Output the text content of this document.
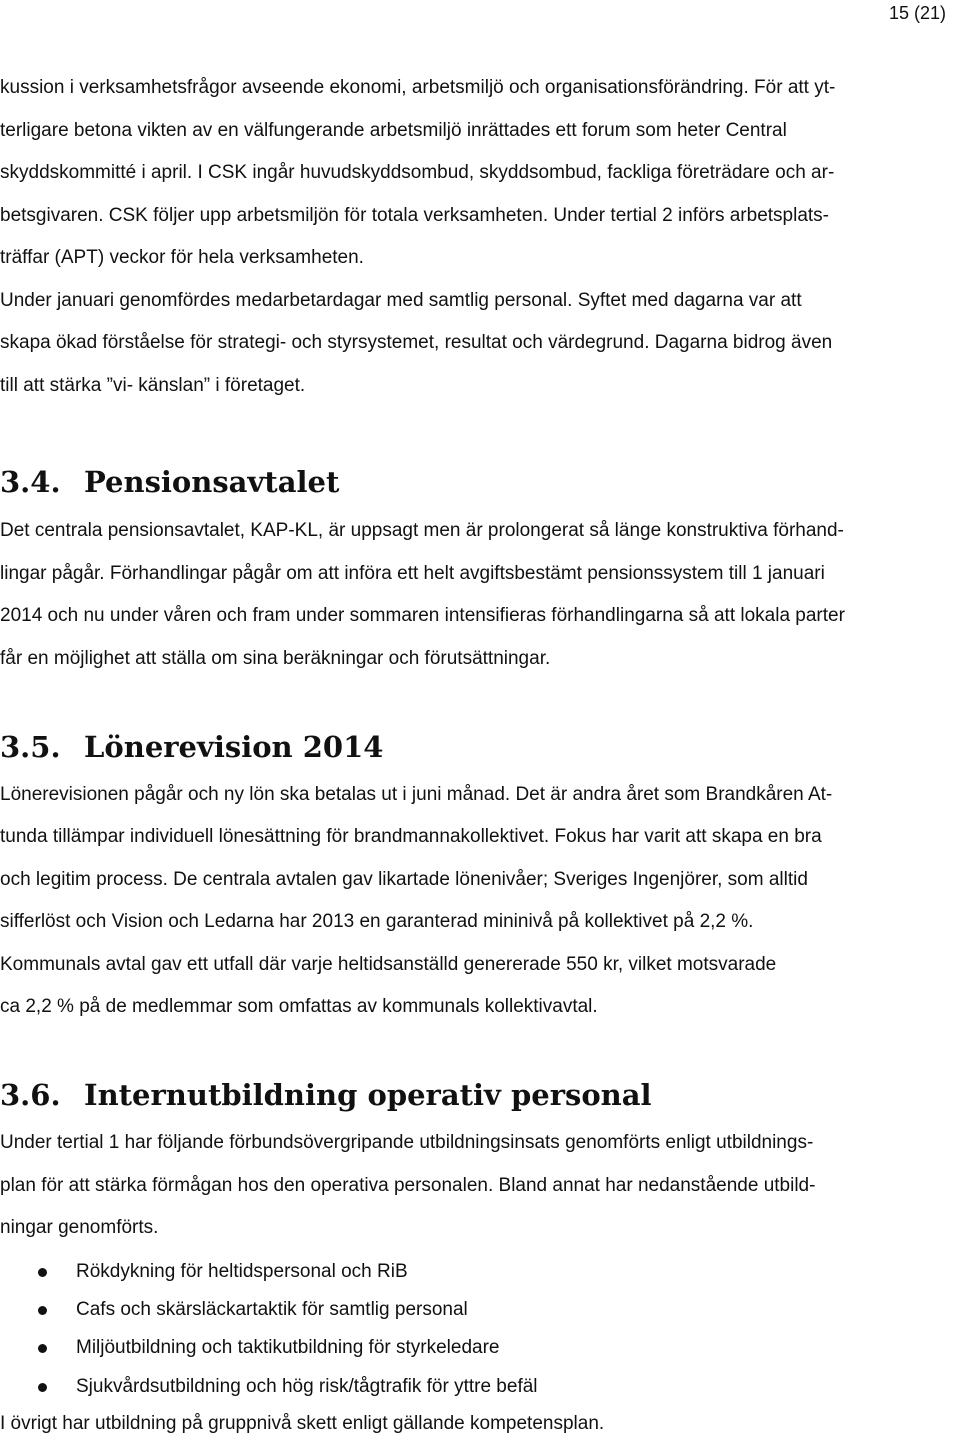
15 (21)
kussion i verksamhetsfrågor avseende ekonomi, arbetsmiljö och organisationsförändring. För att yt-
terligare betona vikten av en välfungerande arbetsmiljö inrättades ett forum som heter Central
skyddskommitté i april. I CSK ingår huvudskyddsombud, skyddsombud, fackliga företrädare och ar-
betsgivaren. CSK följer upp arbetsmiljön för totala verksamheten. Under tertial 2 införs arbetsplats-
träffar (APT) veckor för hela verksamheten.
Under januari genomfördes medarbetardagar med samtlig personal. Syftet med dagarna var att
skapa ökad förståelse för strategi- och styrsystemet, resultat och värdegrund. Dagarna bidrog även
till att stärka ”vi- känslan” i företaget.
3.4. Pensionsavtalet
Det centrala pensionsavtalet, KAP-KL, är uppsagt men är prolongerat så länge konstruktiva förhand-
lingar pågår. Förhandlingar pågår om att införa ett helt avgiftsbestämt pensionssystem till 1 januari
2014 och nu under våren och fram under sommaren intensifieras förhandlingarna så att lokala parter
får en möjlighet att ställa om sina beräkningar och förutsättningar.
3.5. Lönerevision 2014
Lönerevisionen pågår och ny lön ska betalas ut i juni månad. Det är andra året som Brandkåren At-
tunda tillämpar individuell lönesättning för brandmannakollektivet. Fokus har varit att skapa en bra
och legitim process. De centrala avtalen gav likartade lönenivåer; Sveriges Ingenjörer, som alltid
sifferlöst och Vision och Ledarna har 2013 en garanterad mininivå på kollektivet på 2,2 %.
Kommunals avtal gav ett utfall där varje heltidsanställd genererade 550 kr, vilket motsvarade
ca 2,2 % på de medlemmar som omfattas av kommunals kollektivavtal.
3.6. Internutbildning operativ personal
Under tertial 1 har följande förbundsövergripande utbildningsinsats genomförts enligt utbildnings-
plan för att stärka förmågan hos den operativa personalen. Bland annat har nedanstående utbild-
ningar genomförts.
Rökdykning för heltidspersonal och RiB
Cafs och skärsläckartaktik för samtlig personal
Miljöutbildning och taktikutbildning för styrkeledare
Sjukvårdsutbildning och hög risk/tågtrafik för yttre befäl
I övrigt har utbildning på gruppnivå skett enligt gällande kompetensplan.
